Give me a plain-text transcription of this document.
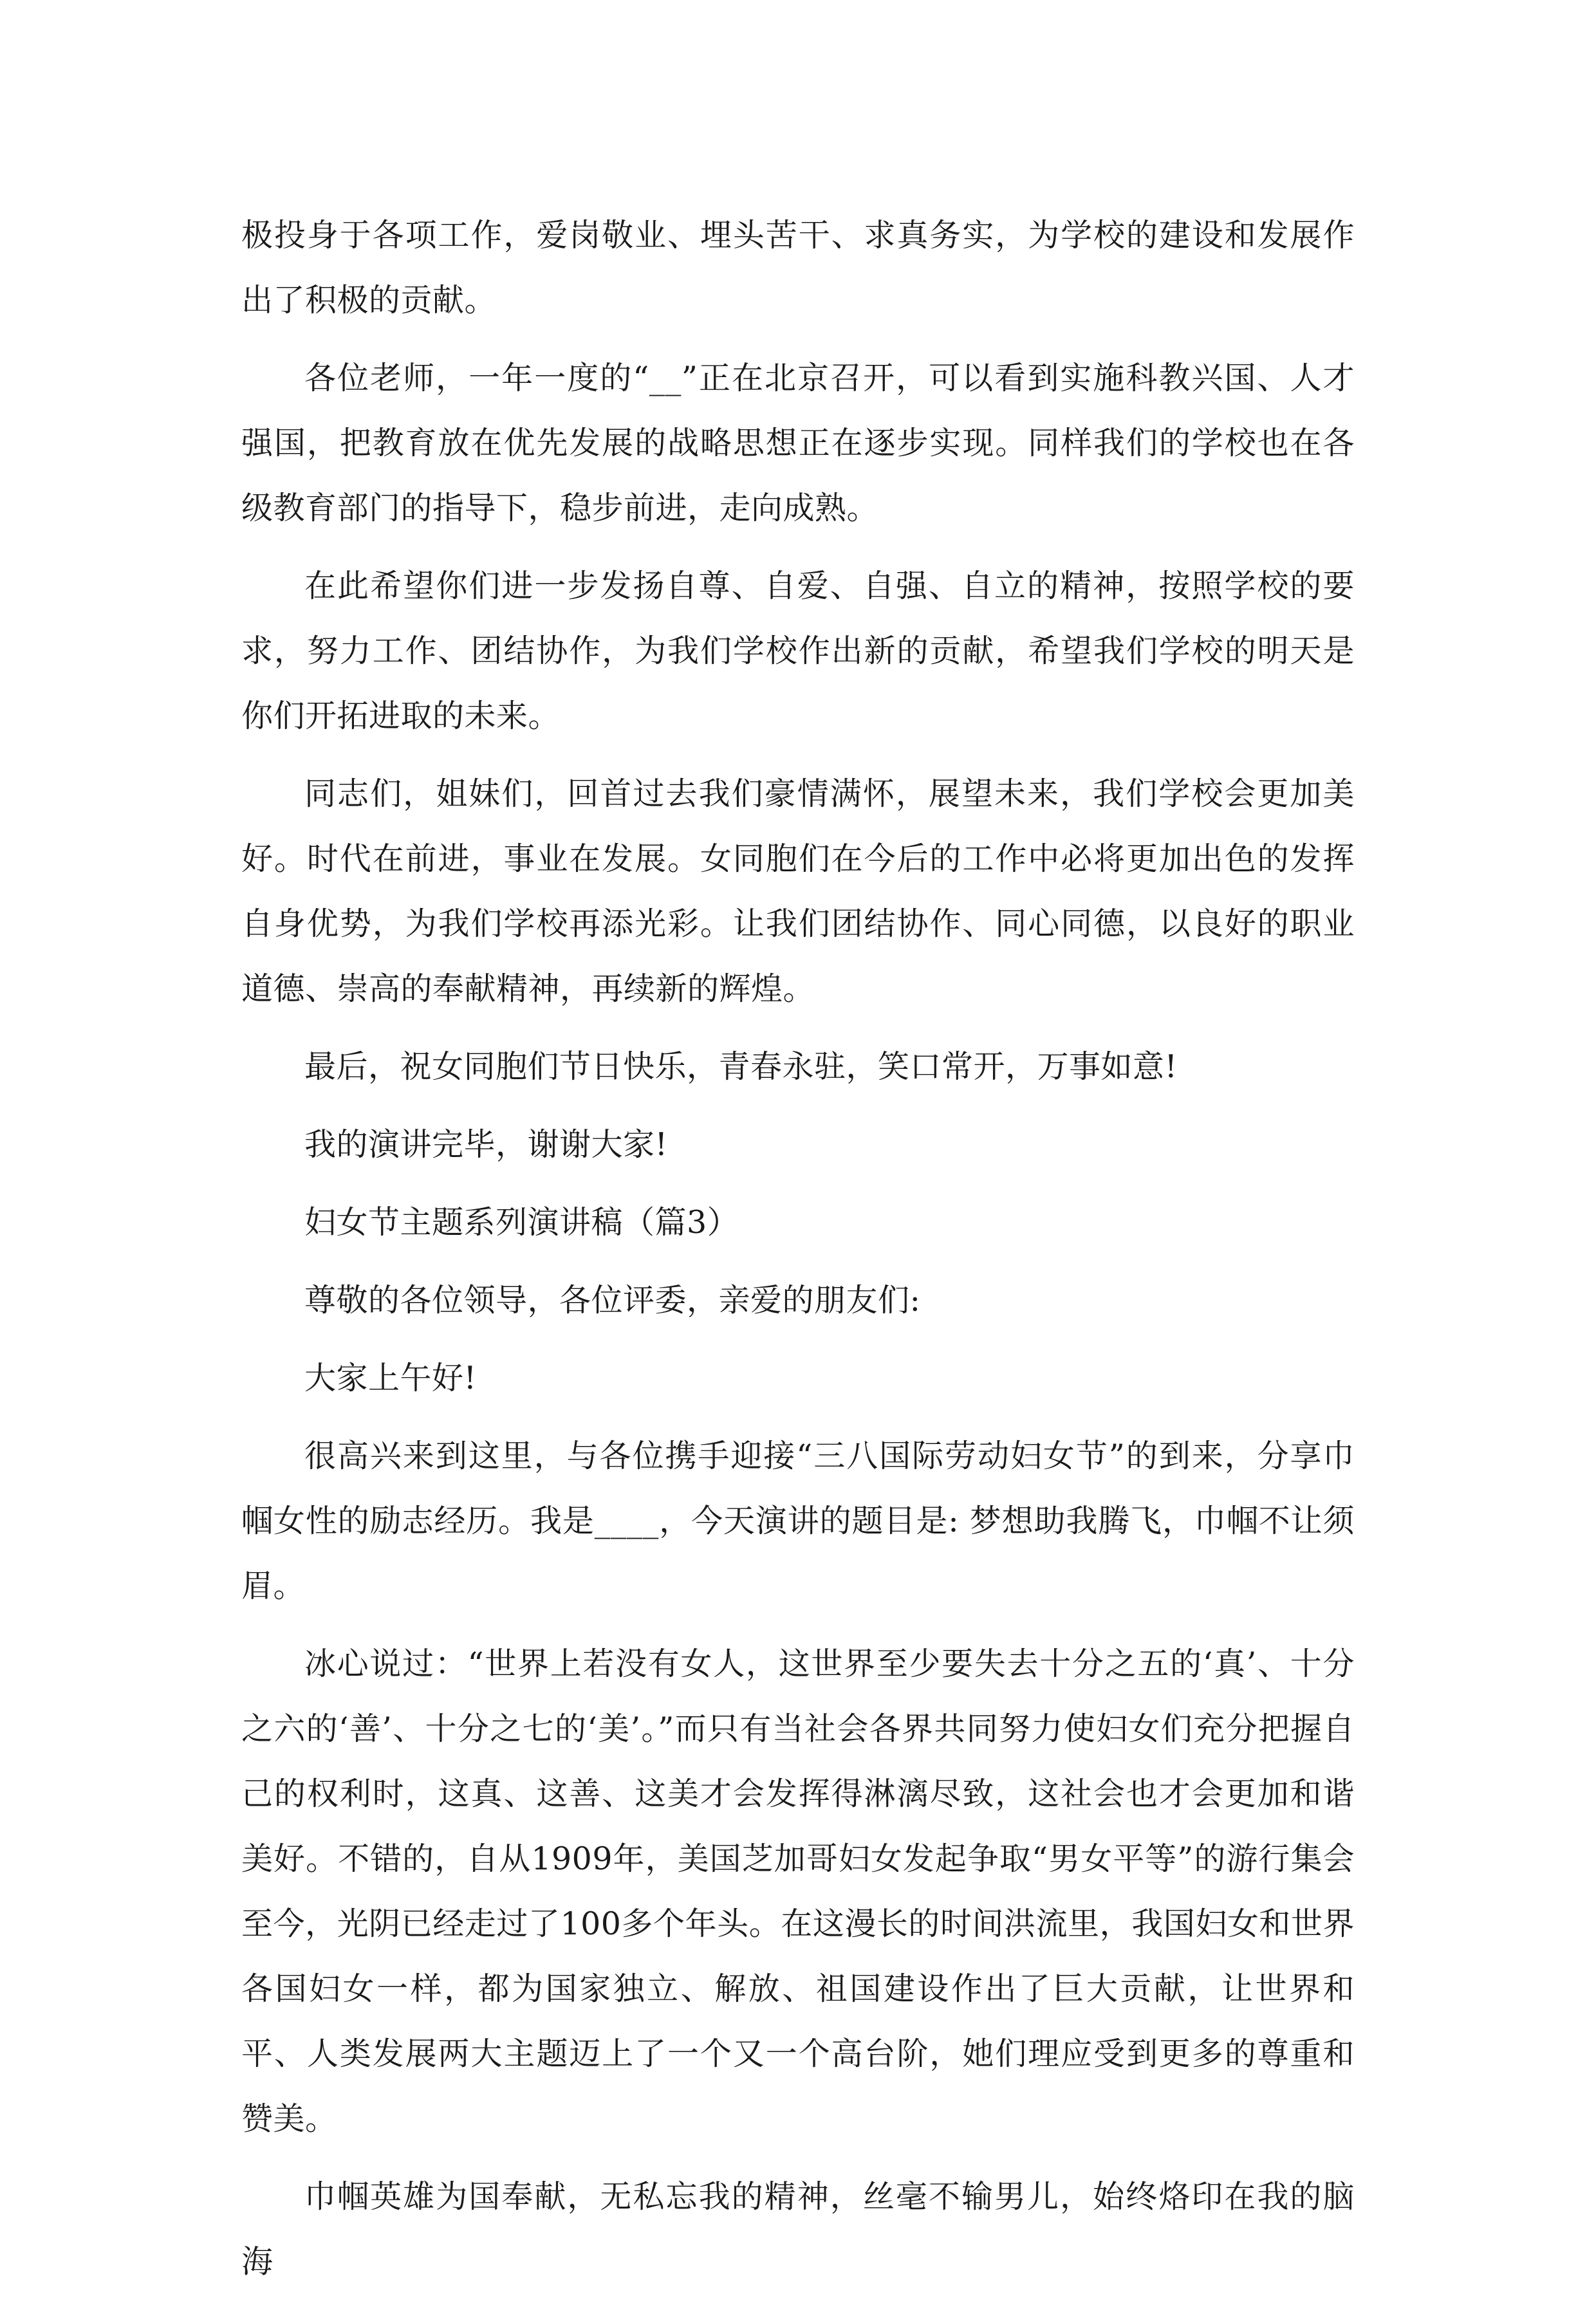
极投身于各项工作，爱岗敬业、埋头苦干、求真务实，为学校的建设和发展作出了积极的贡献。

各位老师，一年一度的“__”正在北京召开，可以看到实施科教兴国、人才强国，把教育放在优先发展的战略思想正在逐步实现。同样我们的学校也在各级教育部门的指导下，稳步前进，走向成熟。

在此希望你们进一步发扬自尊、自爱、自强、自立的精神，按照学校的要求，努力工作、团结协作，为我们学校作出新的贡献，希望我们学校的明天是你们开拓进取的未来。

同志们，姐妹们，回首过去我们豪情满怀，展望未来，我们学校会更加美好。时代在前进，事业在发展。女同胞们在今后的工作中必将更加出色的发挥自身优势，为我们学校再添光彩。让我们团结协作、同心同德，以良好的职业道德、崇高的奉献精神，再续新的辉煌。

最后，祝女同胞们节日快乐，青春永驻，笑口常开，万事如意!

我的演讲完毕，谢谢大家!

妇女节主题系列演讲稿（篇3）

尊敬的各位领导，各位评委，亲爱的朋友们:

大家上午好!

很高兴来到这里，与各位携手迎接“三八国际劳动妇女节”的到来，分享巾帼女性的励志经历。我是____，今天演讲的题目是: 梦想助我腾飞，巾帼不让须眉。

冰心说过：“世界上若没有女人，这世界至少要失去十分之五的‘真’、十分之六的‘善’、十分之七的‘美’。”而只有当社会各界共同努力使妇女们充分把握自己的权利时，这真、这善、这美才会发挥得淋漓尽致，这社会也才会更加和谐美好。不错的，自从1909年，美国芝加哥妇女发起争取“男女平等”的游行集会至今，光阴已经走过了100多个年头。在这漫长的时间洪流里，我国妇女和世界各国妇女一样，都为国家独立、解放、祖国建设作出了巨大贡献，让世界和平、人类发展两大主题迈上了一个又一个高台阶，她们理应受到更多的尊重和赞美。

巾帼英雄为国奉献，无私忘我的精神，丝毫不输男儿，始终烙印在我的脑海
